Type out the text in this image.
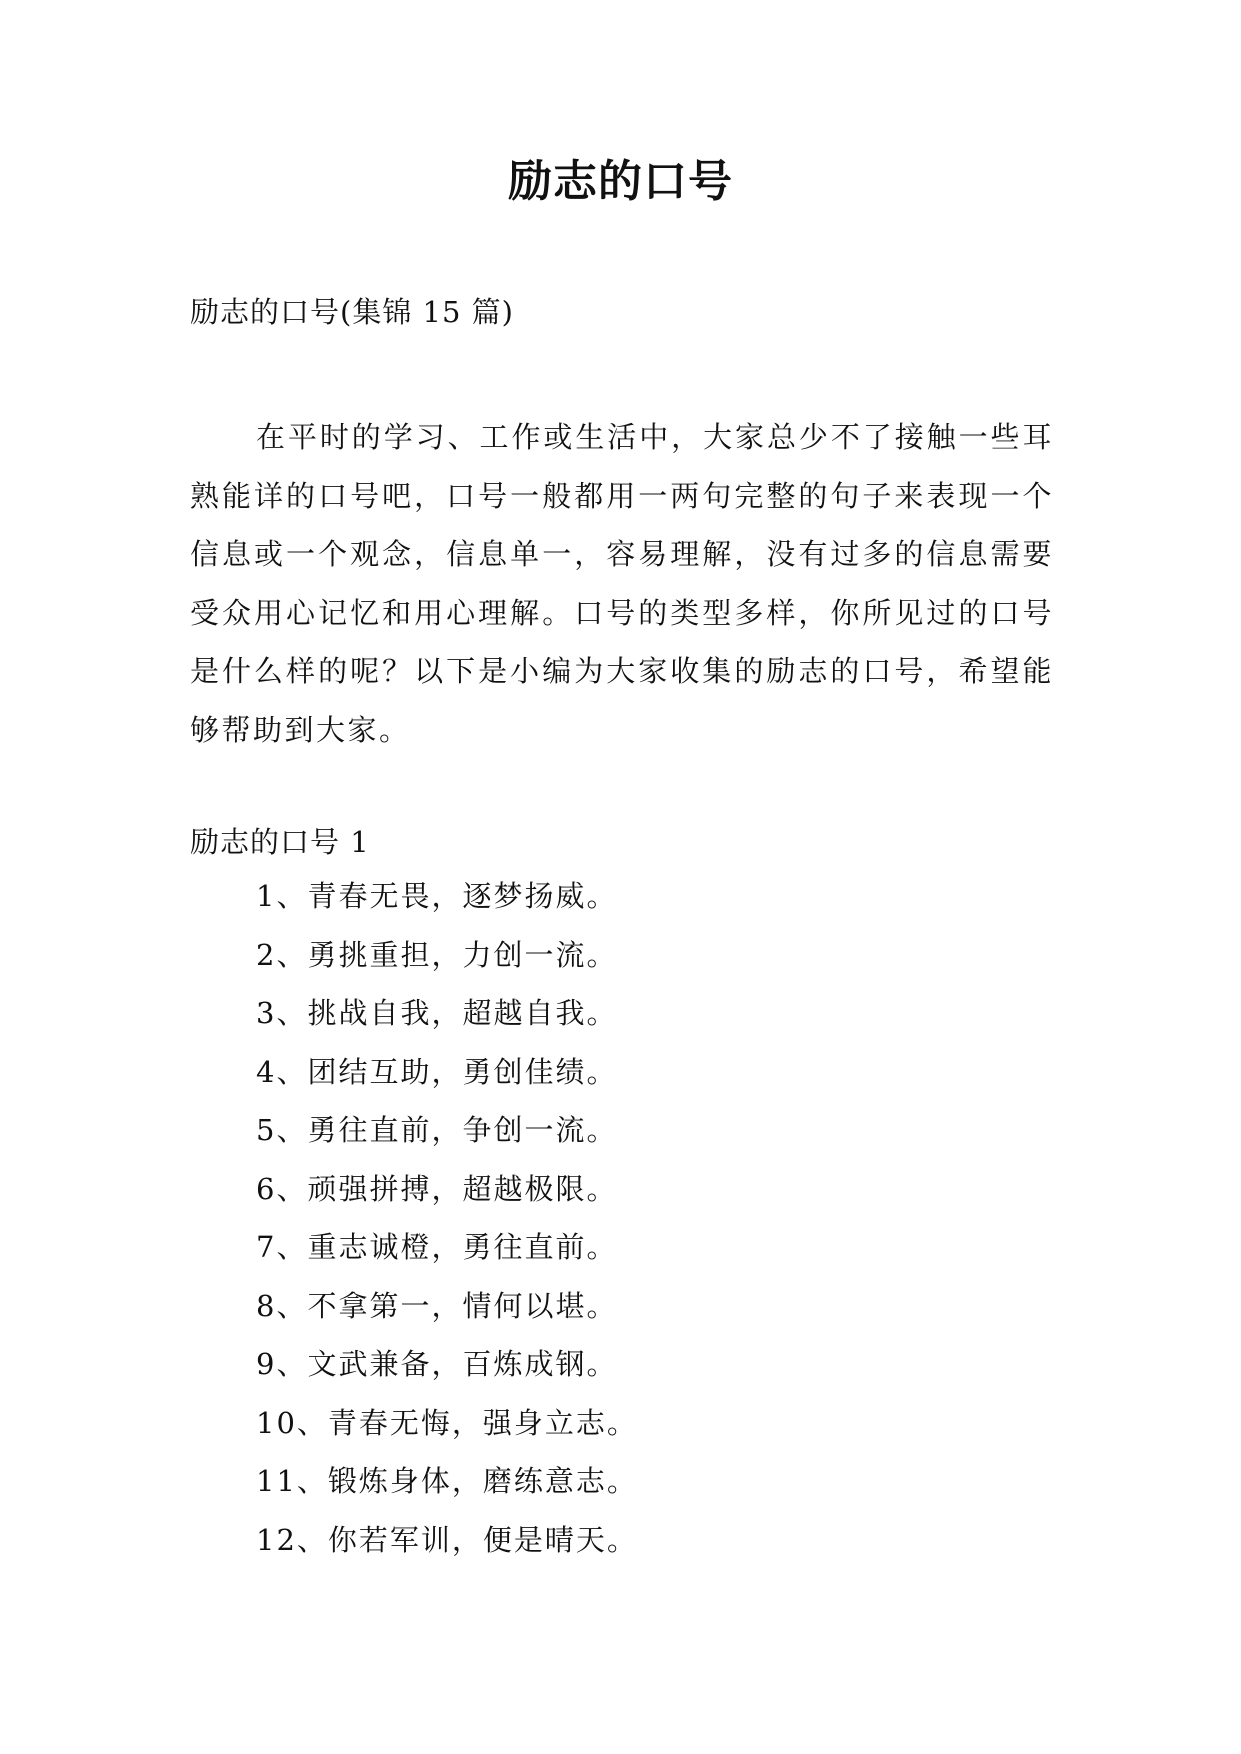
励志的口号
励志的口号(集锦 15 篇)

在平时的学习、工作或生活中，大家总少不了接触一些耳熟能详的口号吧，口号一般都用一两句完整的句子来表现一个信息或一个观念，信息单一，容易理解，没有过多的信息需要受众用心记忆和用心理解。口号的类型多样，你所见过的口号是什么样的呢？以下是小编为大家收集的励志的口号，希望能够帮助到大家。

励志的口号 1
1、青春无畏，逐梦扬威。
2、勇挑重担，力创一流。
3、挑战自我，超越自我。
4、团结互助，勇创佳绩。
5、勇往直前，争创一流。
6、顽强拼搏，超越极限。
7、重志诚橙，勇往直前。
8、不拿第一，情何以堪。
9、文武兼备，百炼成钢。
10、青春无悔，强身立志。
11、锻炼身体，磨练意志。
12、你若军训，便是晴天。
